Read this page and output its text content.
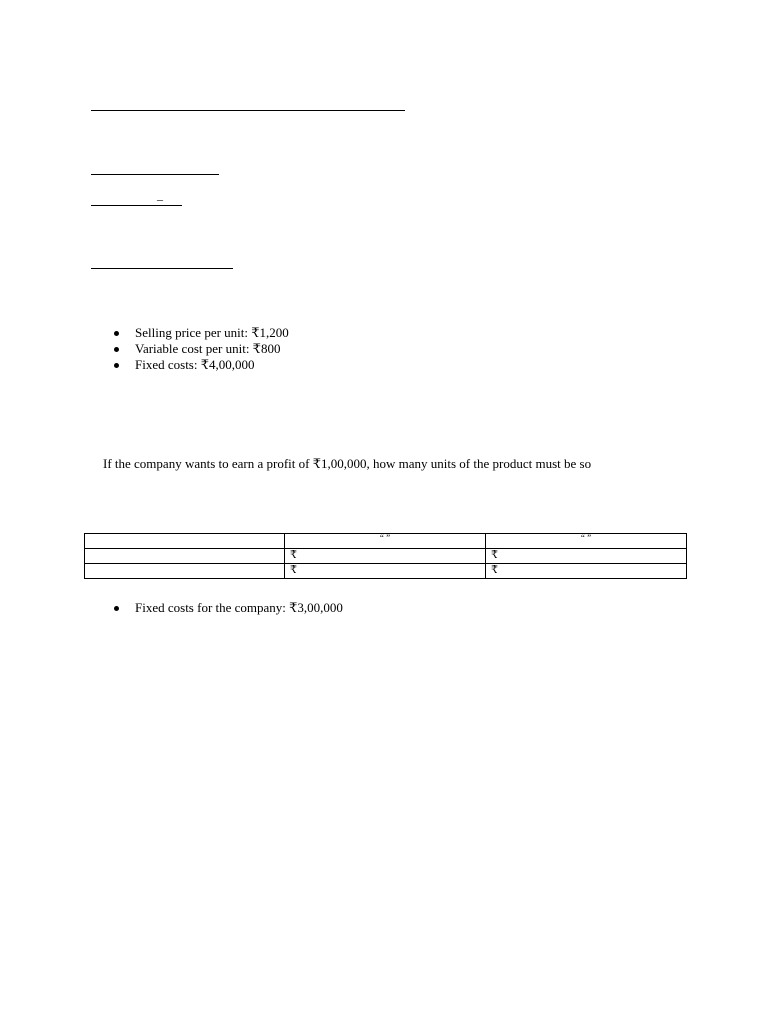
–
Selling price per unit: ₹1,200
Variable cost per unit: ₹800
Fixed costs: ₹4,00,000
If the company wants to earn a profit of ₹1,00,000, how many units of the product must be so
	“ ”	“ ”
	₹	₹
	₹	₹
Fixed costs for the company: ₹3,00,000
